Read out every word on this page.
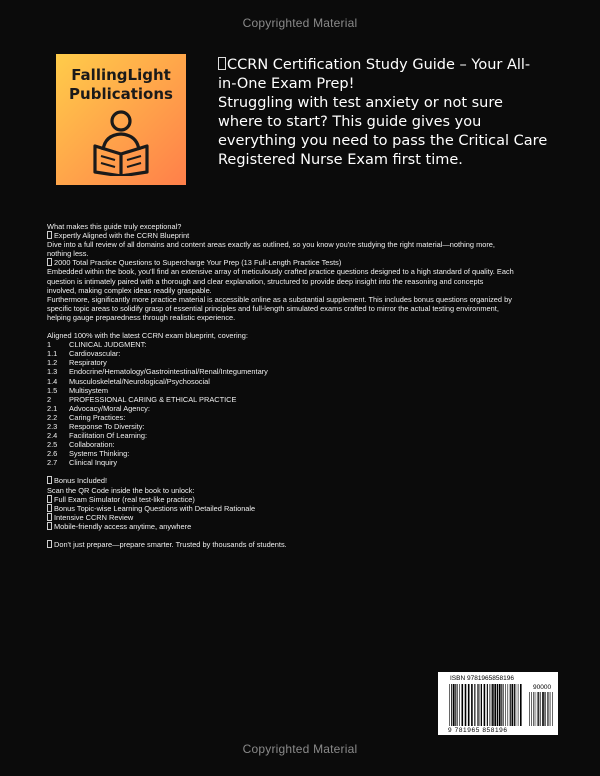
Copyrighted Material
FallingLight
Publications
CCRN Certification Study Guide – Your All-
in-One Exam Prep!
Struggling with test anxiety or not sure
where to start? This guide gives you
everything you need to pass the Critical Care
Registered Nurse Exam first time.

What makes this guide truly exceptional?

Expertly Aligned with the CCRN Blueprint

Dive into a full review of all domains and content areas exactly as outlined, so you know you're studying the right material—nothing more,

nothing less.

2000 Total Practice Questions to Supercharge Your Prep (13 Full-Length Practice Tests)

Embedded within the book, you'll find an extensive array of meticulously crafted practice questions designed to a high standard of quality. Each

question is intimately paired with a thorough and clear explanation, structured to provide deep insight into the reasoning and concepts

involved, making complex ideas readily graspable.

Furthermore, significantly more practice material is accessible online as a substantial supplement. This includes bonus questions organized by

specific topic areas to solidify grasp of essential principles and full-length simulated exams crafted to mirror the actual testing environment,

helping gauge preparedness through realistic experience.

Aligned 100% with the latest CCRN exam blueprint, covering:

1	CLINICAL JUDGMENT:
1.1	Cardiovascular:
1.2	Respiratory
1.3	Endocrine/Hematology/Gastrointestinal/Renal/Integumentary
1.4	Musculoskeletal/Neurological/Psychosocial
1.5	Multisystem
2	PROFESSIONAL CARING & ETHICAL PRACTICE
2.1	Advocacy/Moral Agency:
2.2	Caring Practices:
2.3	Response To Diversity:
2.4	Facilitation Of Learning:
2.5	Collaboration:
2.6	Systems Thinking:
2.7	Clinical Inquiry

Bonus Included!

Scan the QR Code inside the book to unlock:

Full Exam Simulator (real test-like practice)

Bonus Topic-wise Learning Questions with Detailed Rationale

Intensive CCRN Review

Mobile-friendly access anytime, anywhere

Don't just prepare—prepare smarter. Trusted by thousands of students.

ISBN 9781965858196
90000
9 781965 858196
Copyrighted Material
